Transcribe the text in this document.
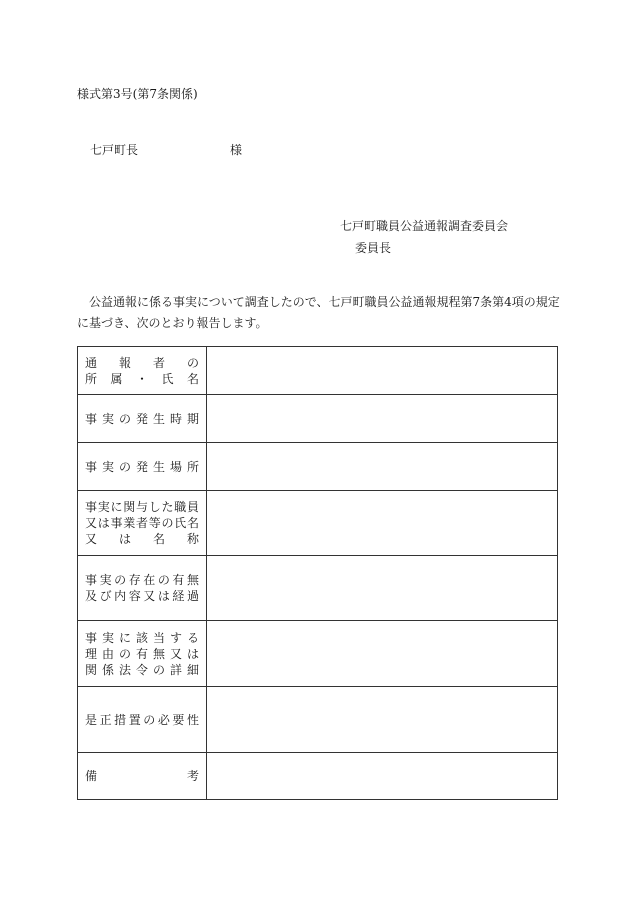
様式第3号(第7条関係)
七戸町長	様
七戸町職員公益通報調査委員会
委員長
公益通報に係る事実について調査したので、七戸町職員公益通報規程第7条第4項の規定
に基づき、次のとおり報告します。
通報者の
所属・氏名	

事実の発生時期	

事実の発生場所	

事実に関与した職員
又は事業者等の氏名
又は名称	

事実の存在の有無
及び内容又は経過	

事実に該当する
理由の有無又は
関係法令の詳細	

是正措置の必要性	

備考	
